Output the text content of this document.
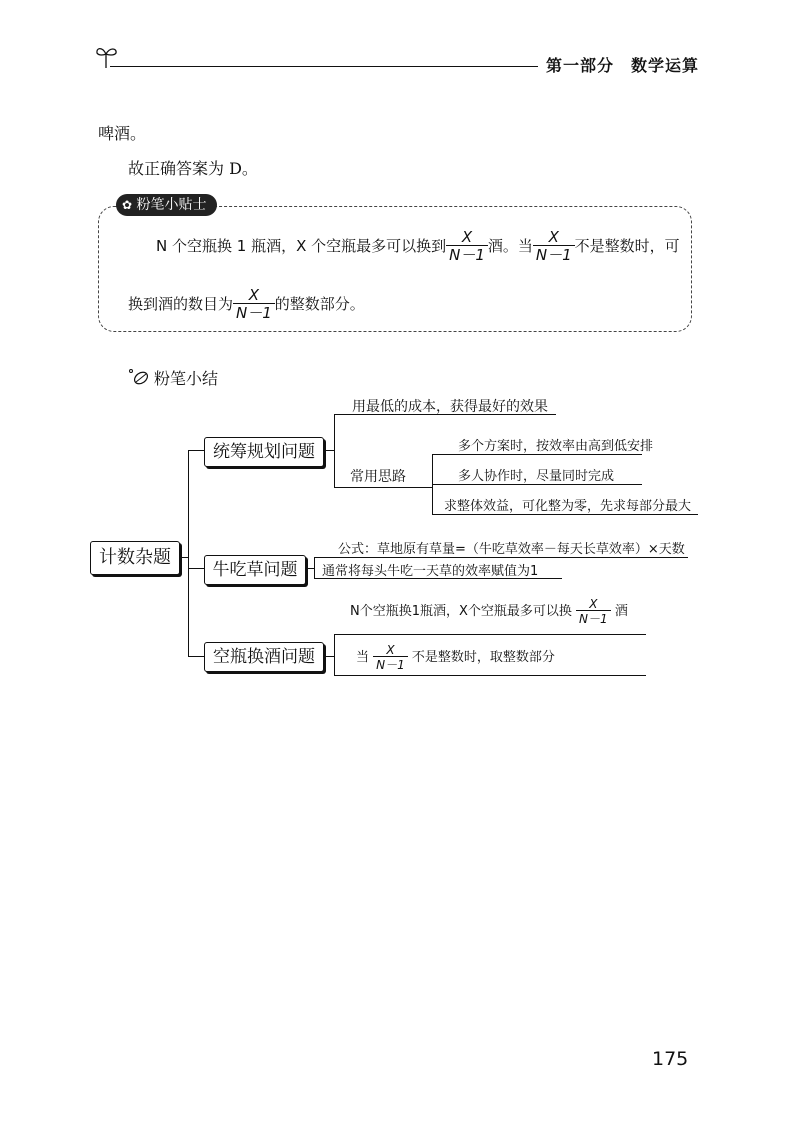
第一部分　数学运算
啤酒。
故正确答案为 D。
✿ 粉笔小贴士
N 个空瓶换 1 瓶酒，X 个空瓶最多可以换到 $\frac{X}{N-1}$ 酒。当 $\frac{X}{N-1}$ 不是整数时，可
换到酒的数目为 $\frac{X}{N-1}$ 的整数部分。
粉笔小结
计数杂题
统筹规划问题
用最低的成本，获得最好的效果
常用思路
多个方案时，按效率由高到低安排
多人协作时，尽量同时完成
求整体效益，可化整为零，先求每部分最大
牛吃草问题
公式：草地原有草量=（牛吃草效率－每天长草效率）×天数
通常将每头牛吃一天草的效率赋值为1
空瓶换酒问题
N个空瓶换1瓶酒，X个空瓶最多可以换 $\frac{X}{N-1}$ 酒
当 $\frac{X}{N-1}$ 不是整数时，取整数部分
175
